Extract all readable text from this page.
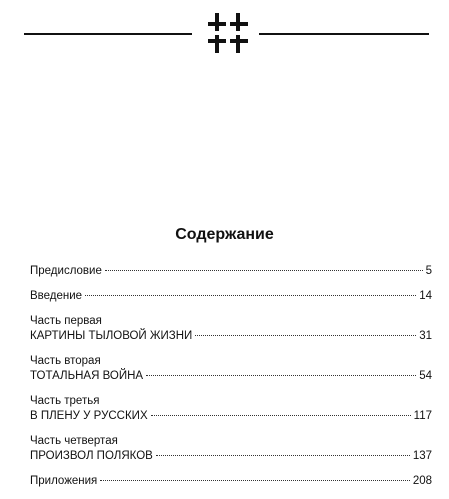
Содержание
Предисловие	5
Введение	14
Часть первая
КАРТИНЫ ТЫЛОВОЙ ЖИЗНИ	31
Часть вторая
ТОТАЛЬНАЯ ВОЙНА	54
Часть третья
В ПЛЕНУ У РУССКИХ	117
Часть четвертая
ПРОИЗВОЛ ПОЛЯКОВ	137
Приложения	208
